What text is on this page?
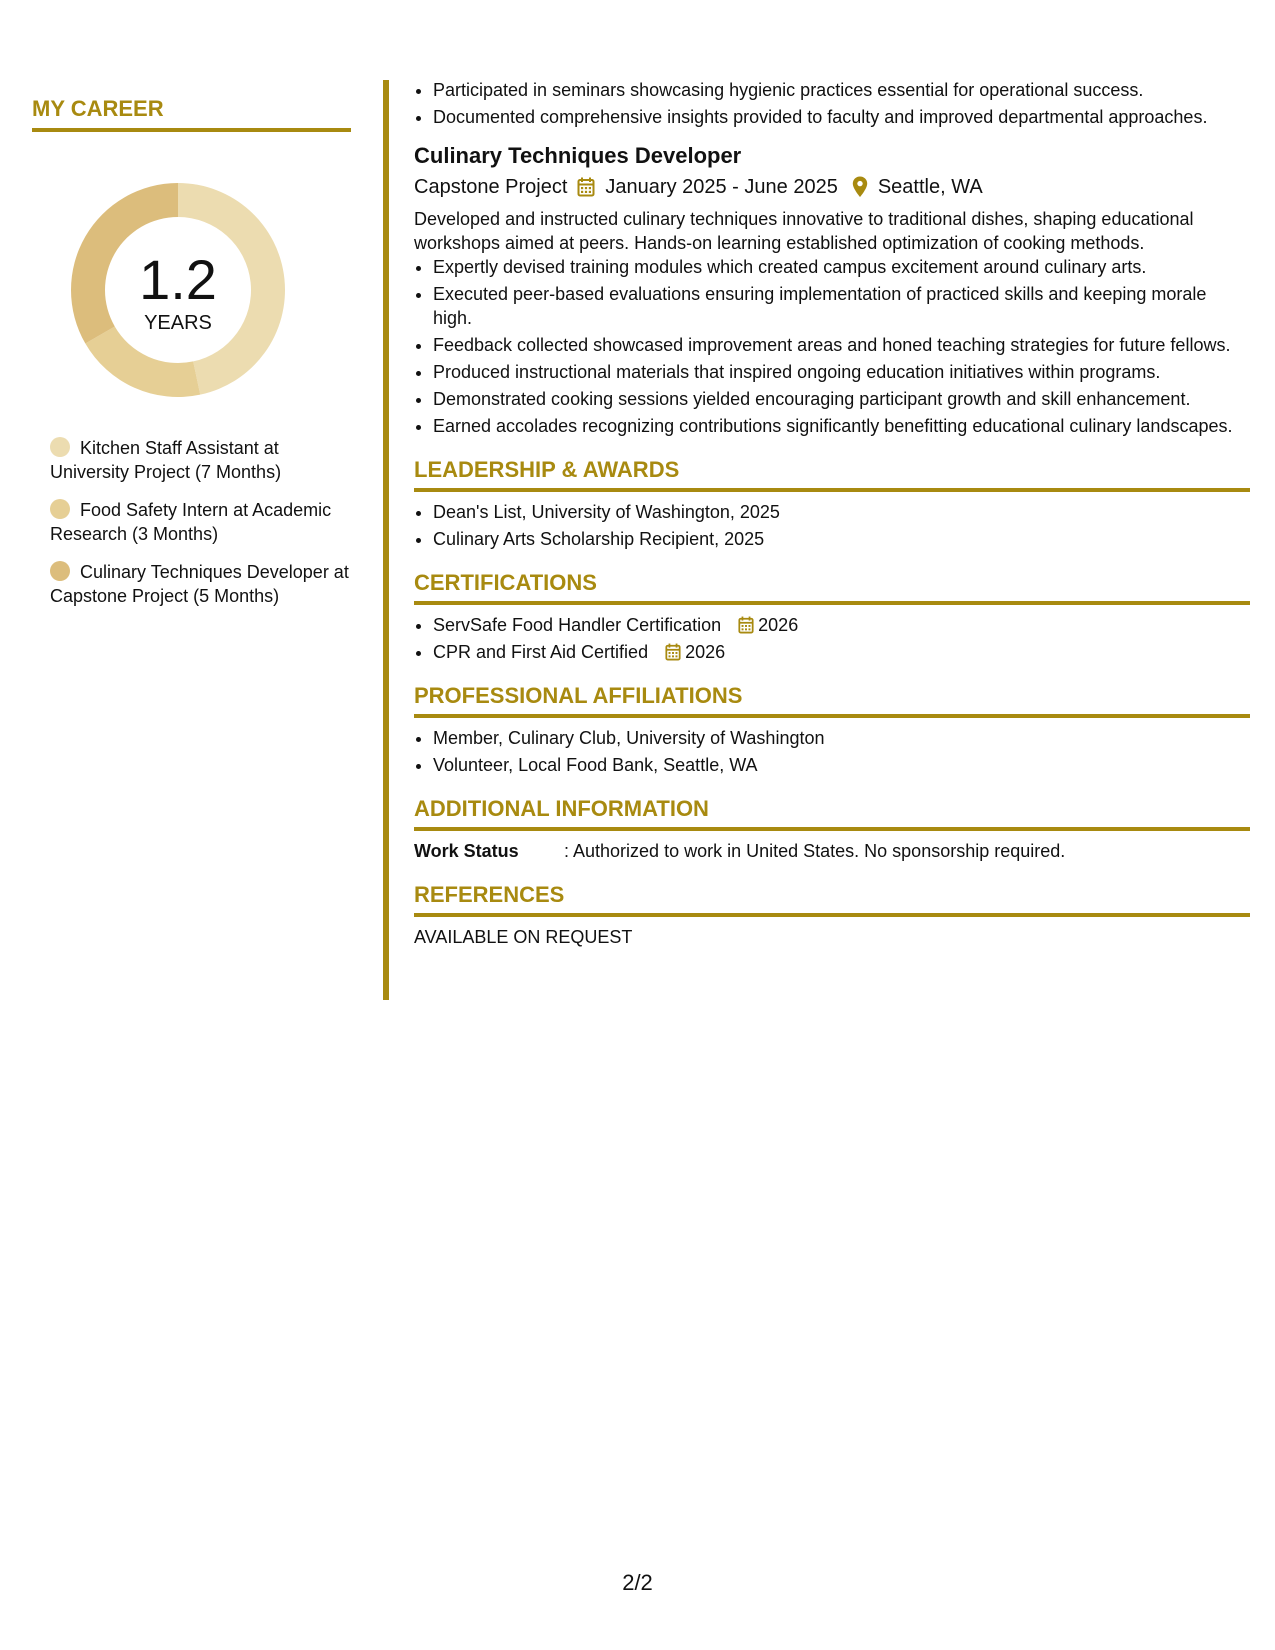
MY CAREER
1.2
YEARS
Kitchen Staff Assistant at University Project (7 Months)
Food Safety Intern at Academic Research (3 Months)
Culinary Techniques Developer at Capstone Project (5 Months)
• Participated in seminars showcasing hygienic practices essential for operational success.
• Documented comprehensive insights provided to faculty and improved departmental approaches.
Culinary Techniques Developer
Capstone Project January 2025 - June 2025 Seattle, WA
Developed and instructed culinary techniques innovative to traditional dishes, shaping educational workshops aimed at peers. Hands-on learning established optimization of cooking methods.
• Expertly devised training modules which created campus excitement around culinary arts.
• Executed peer-based evaluations ensuring implementation of practiced skills and keeping morale high.
• Feedback collected showcased improvement areas and honed teaching strategies for future fellows.
• Produced instructional materials that inspired ongoing education initiatives within programs.
• Demonstrated cooking sessions yielded encouraging participant growth and skill enhancement.
• Earned accolades recognizing contributions significantly benefitting educational culinary landscapes.
LEADERSHIP & AWARDS
• Dean's List, University of Washington, 2025
• Culinary Arts Scholarship Recipient, 2025
CERTIFICATIONS
• ServSafe Food Handler Certification 2026
• CPR and First Aid Certified 2026
PROFESSIONAL AFFILIATIONS
• Member, Culinary Club, University of Washington
• Volunteer, Local Food Bank, Seattle, WA
ADDITIONAL INFORMATION
Work Status	: Authorized to work in United States. No sponsorship required.
REFERENCES
AVAILABLE ON REQUEST
2/2
